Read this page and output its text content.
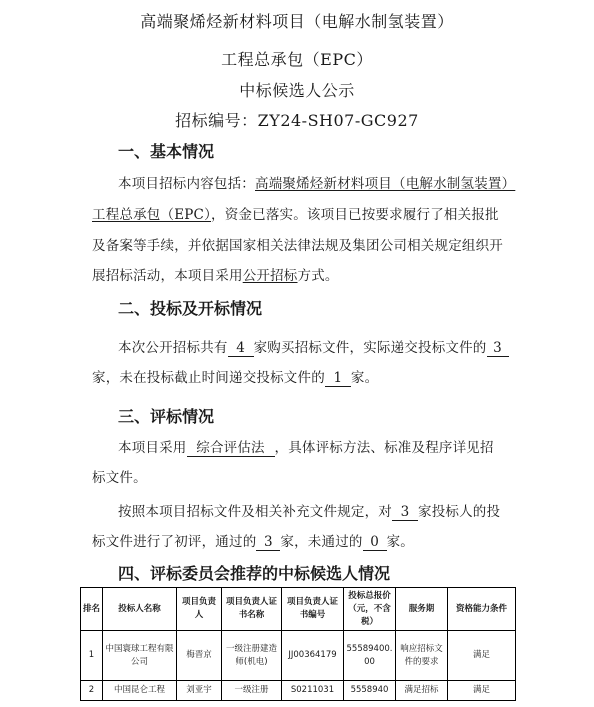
高端聚烯烃新材料项目（电解水制氢装置）
工程总承包（EPC）
中标候选人公示
招标编号：ZY24-SH07-GC927
一、基本情况
本项目招标内容包括：高端聚烯烃新材料项目（电解水制氢装置）
工程总承包（EPC），资金已落实。该项目已按要求履行了相关报批
及备案等手续，并依据国家相关法律法规及集团公司相关规定组织开
展招标活动，本项目采用公开招标方式。
二、投标及开标情况
本次公开招标共有 4 家购买招标文件，实际递交投标文件的 3
家，未在投标截止时间递交投标文件的 1 家。
三、评标情况
本项目采用 综合评估法 ，具体评标方法、标准及程序详见招
标文件。
按照本项目招标文件及相关补充文件规定，对 3 家投标人的投
标文件进行了初评，通过的 3 家，未通过的 0 家。
四、评标委员会推荐的中标候选人情况
排名	投标人名称	项目负责人	项目负责人证书名称	项目负责人证书编号	投标总报价（元，不含税）	服务期	资格能力条件
1	中国寰球工程有限公司	梅晋京	一级注册建造师(机电)	JJ00364179	55589400.00	响应招标文件的要求	满足
2	中国昆仑工程	刘亚宇	一级注册	S0211031	5558940	满足招标	满足
